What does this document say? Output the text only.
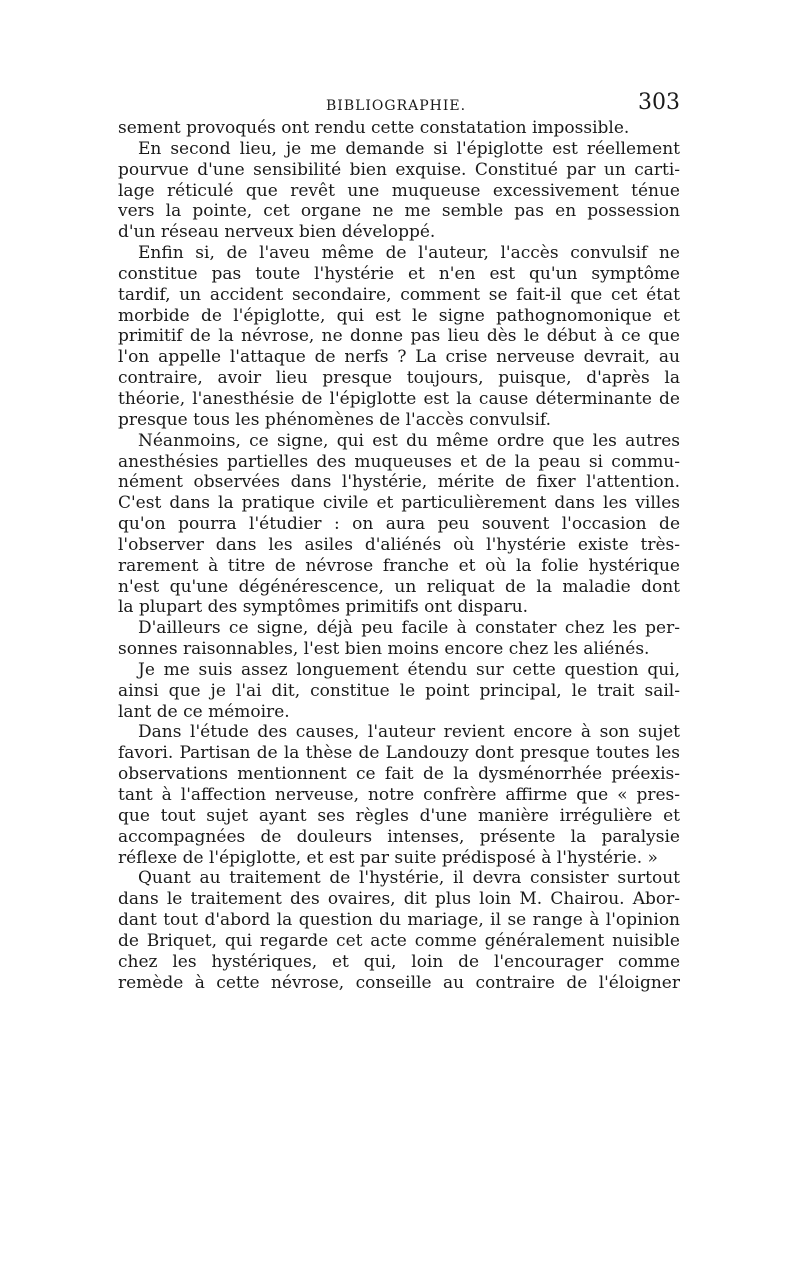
BIBLIOGRAPHIE.	303
sement provoqués ont rendu cette constatation impossible.
En second lieu, je me demande si l'épiglotte est réellement
pourvue d'une sensibilité bien exquise. Constitué par un carti-
lage réticulé que revêt une muqueuse excessivement ténue
vers la pointe, cet organe ne me semble pas en possession
d'un réseau nerveux bien développé.
Enfin si, de l'aveu même de l'auteur, l'accès convulsif ne
constitue pas toute l'hystérie et n'en est qu'un symptôme
tardif, un accident secondaire, comment se fait-il que cet état
morbide de l'épiglotte, qui est le signe pathognomonique et
primitif de la névrose, ne donne pas lieu dès le début à ce que
l'on appelle l'attaque de nerfs ? La crise nerveuse devrait, au
contraire, avoir lieu presque toujours, puisque, d'après la
théorie, l'anesthésie de l'épiglotte est la cause déterminante de
presque tous les phénomènes de l'accès convulsif.
Néanmoins, ce signe, qui est du même ordre que les autres
anesthésies partielles des muqueuses et de la peau si commu-
nément observées dans l'hystérie, mérite de fixer l'attention.
C'est dans la pratique civile et particulièrement dans les villes
qu'on pourra l'étudier : on aura peu souvent l'occasion de
l'observer dans les asiles d'aliénés où l'hystérie existe très-
rarement à titre de névrose franche et où la folie hystérique
n'est qu'une dégénérescence, un reliquat de la maladie dont
la plupart des symptômes primitifs ont disparu.
D'ailleurs ce signe, déjà peu facile à constater chez les per-
sonnes raisonnables, l'est bien moins encore chez les aliénés.
Je me suis assez longuement étendu sur cette question qui,
ainsi que je l'ai dit, constitue le point principal, le trait sail-
lant de ce mémoire.
Dans l'étude des causes, l'auteur revient encore à son sujet
favori. Partisan de la thèse de Landouzy dont presque toutes les
observations mentionnent ce fait de la dysménorrhée préexis-
tant à l'affection nerveuse, notre confrère affirme que « pres-
que tout sujet ayant ses règles d'une manière irrégulière et
accompagnées de douleurs intenses, présente la paralysie
réflexe de l'épiglotte, et est par suite prédisposé à l'hystérie. »
Quant au traitement de l'hystérie, il devra consister surtout
dans le traitement des ovaires, dit plus loin M. Chairou. Abor-
dant tout d'abord la question du mariage, il se range à l'opinion
de Briquet, qui regarde cet acte comme généralement nuisible
chez les hystériques, et qui, loin de l'encourager comme
remède à cette névrose, conseille au contraire de l'éloigner
